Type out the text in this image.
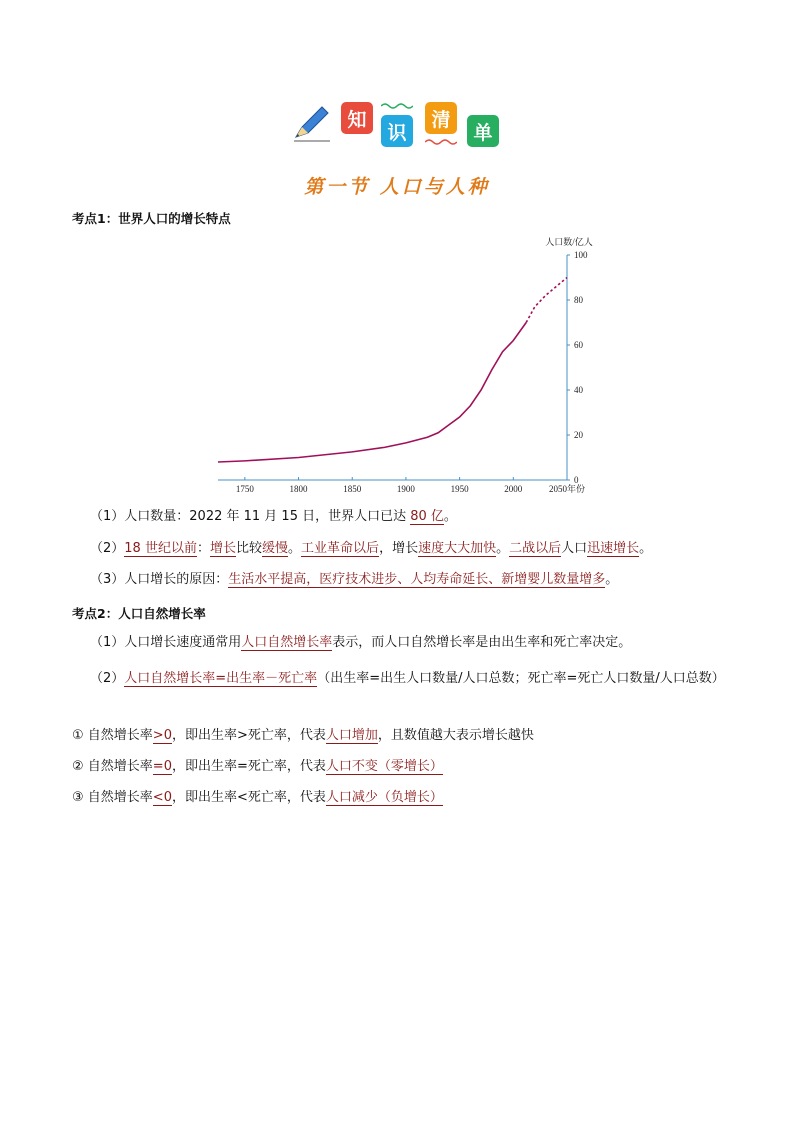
知
识
清
单
第一节 人口与人种
考点1：世界人口的增长特点
1750	1800	1850	1900	1950	2000	2050年份
0
20
40
60
80
100
人口数/亿人
（1）人口数量：2022 年 11 月 15 日，世界人口已达 80 亿。
（2）18 世纪以前：增长比较缓慢。工业革命以后，增长速度大大加快。二战以后人口迅速增长。
（3）人口增长的原因：生活水平提高，医疗技术进步、人均寿命延长、新增婴儿数量增多。
考点2：人口自然增长率
（1）人口增长速度通常用人口自然增长率表示，而人口自然增长率是由出生率和死亡率决定。
（2）人口自然增长率=出生率－死亡率（出生率=出生人口数量/人口总数；死亡率=死亡人口数量/人口总数）
① 自然增长率>0，即出生率>死亡率，代表人口增加，且数值越大表示增长越快
② 自然增长率=0，即出生率=死亡率，代表人口不变（零增长）
③ 自然增长率<0，即出生率<死亡率，代表人口减少（负增长）
